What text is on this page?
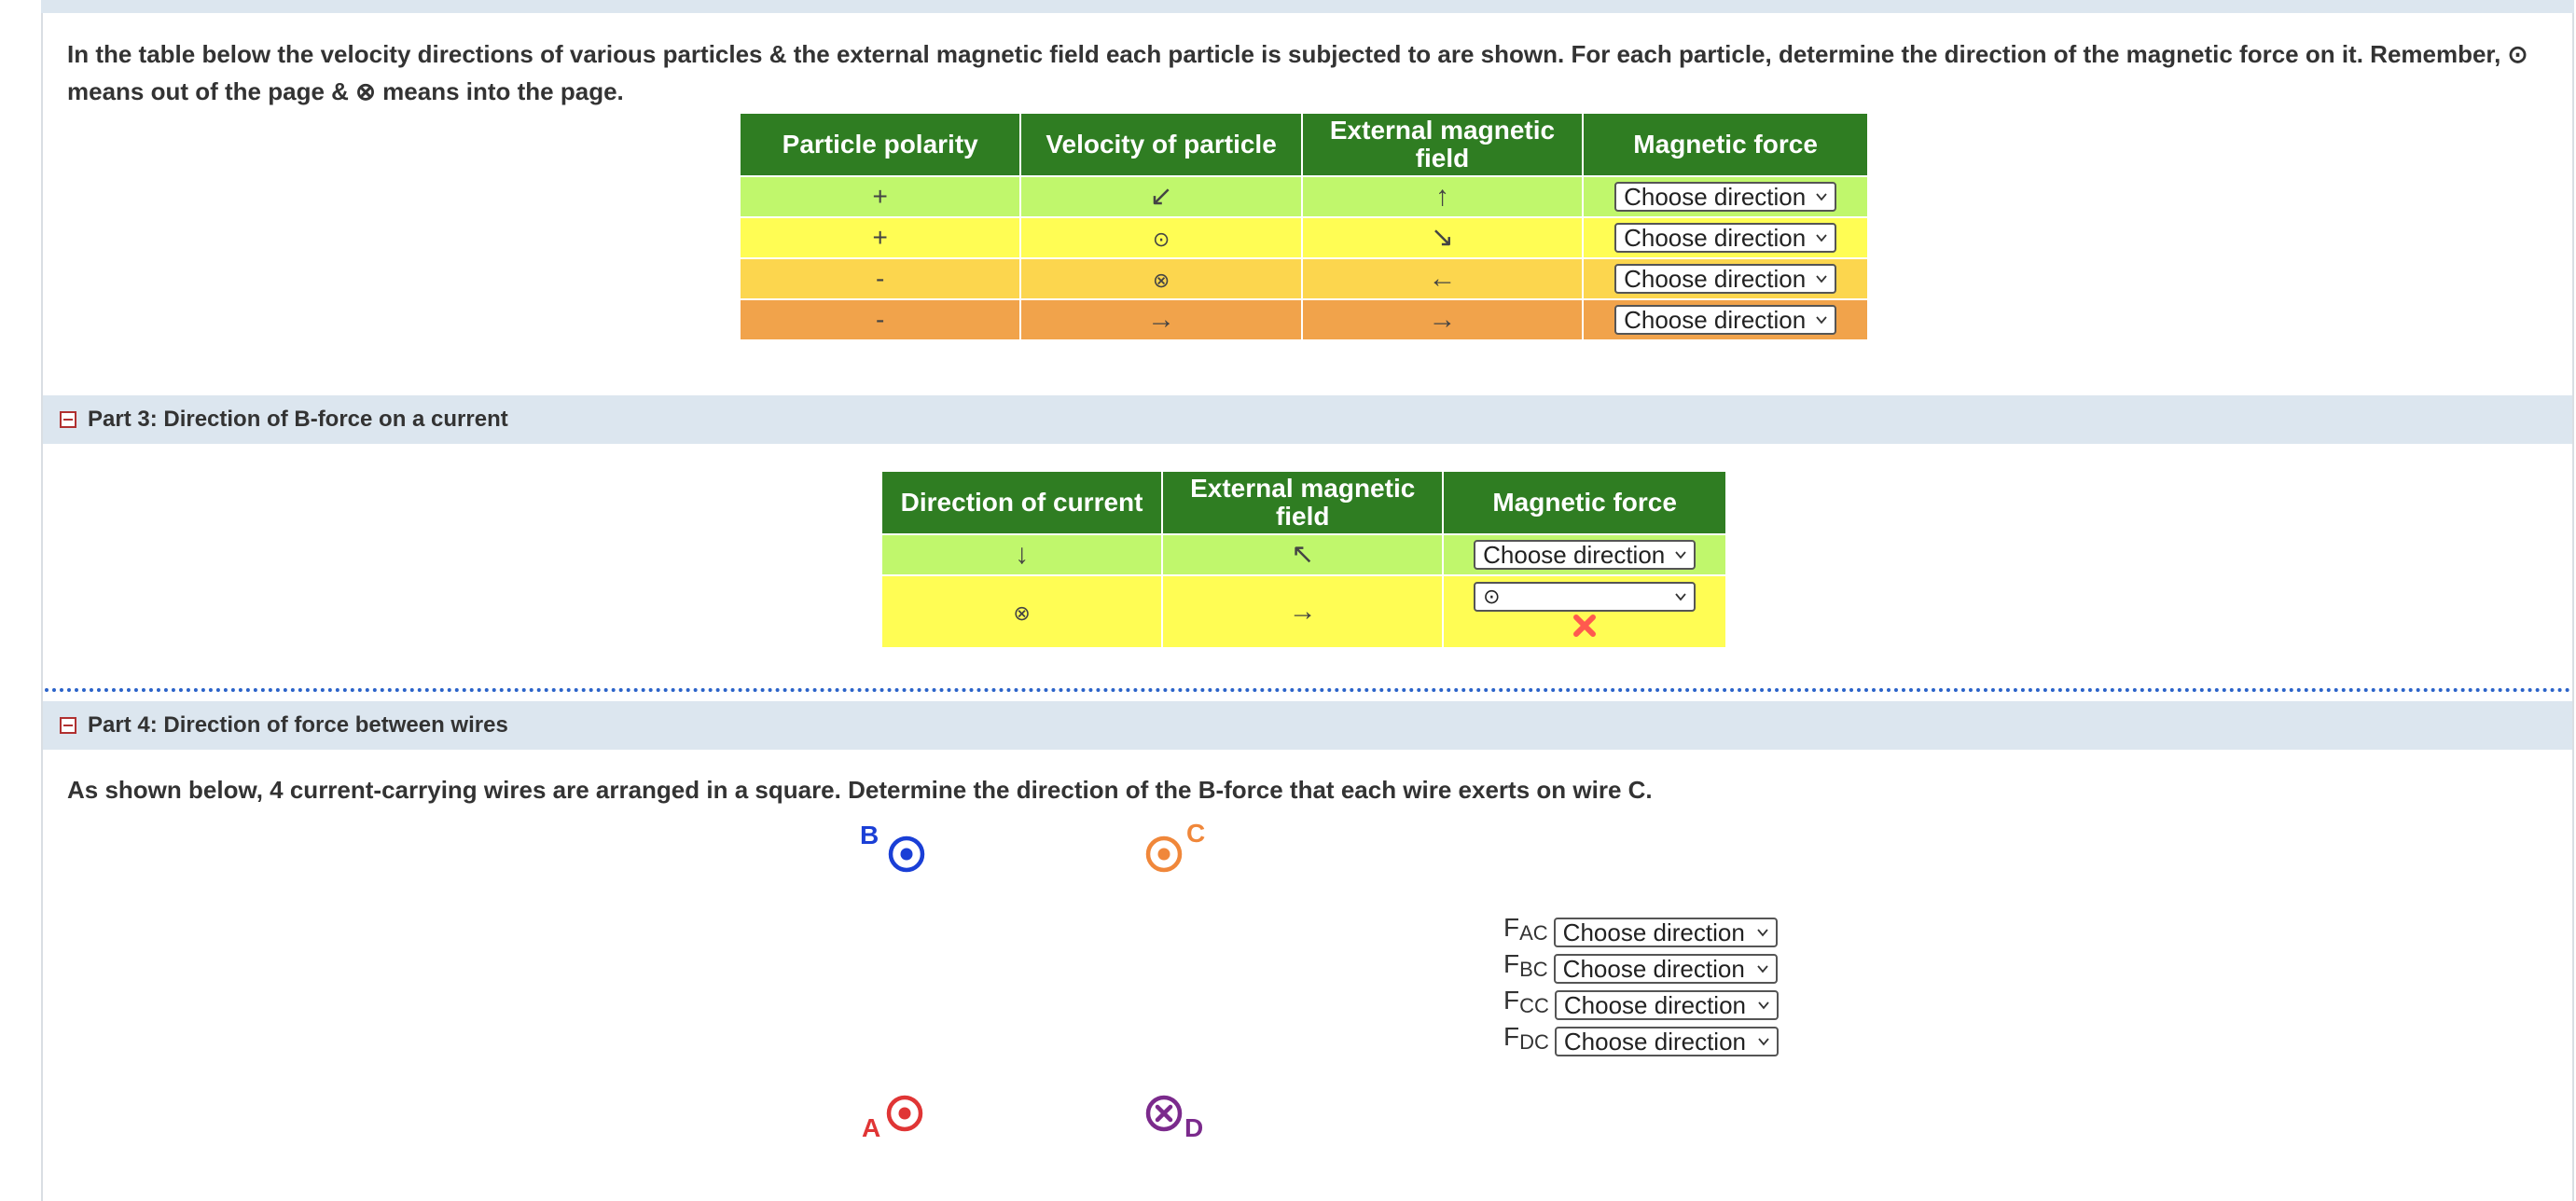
In the table below the velocity directions of various particles & the external magnetic field each particle is subjected to are shown. For each particle, determine the direction of the magnetic force on it. Remember, ⊙ means out of the page & ⊗ means into the page.
Particle polarity	Velocity of particle	External magnetic field	Magnetic force
+	↙	↑	Choose direction

+	⊙	↘	Choose direction

-	⊗	←	Choose direction

-	→	→	Choose direction
Part 3: Direction of B-force on a current
Direction of current	External magnetic field	Magnetic force
↓	↖	Choose direction

⊗	→	⊙
Part 4: Direction of force between wires
As shown below, 4 current-carrying wires are arranged in a square. Determine the direction of the B-force that each wire exerts on wire C.
B	C
A	D
$F_{AC}$ Choose direction
$F_{BC}$ Choose direction
$F_{CC}$ Choose direction
$F_{DC}$ Choose direction
